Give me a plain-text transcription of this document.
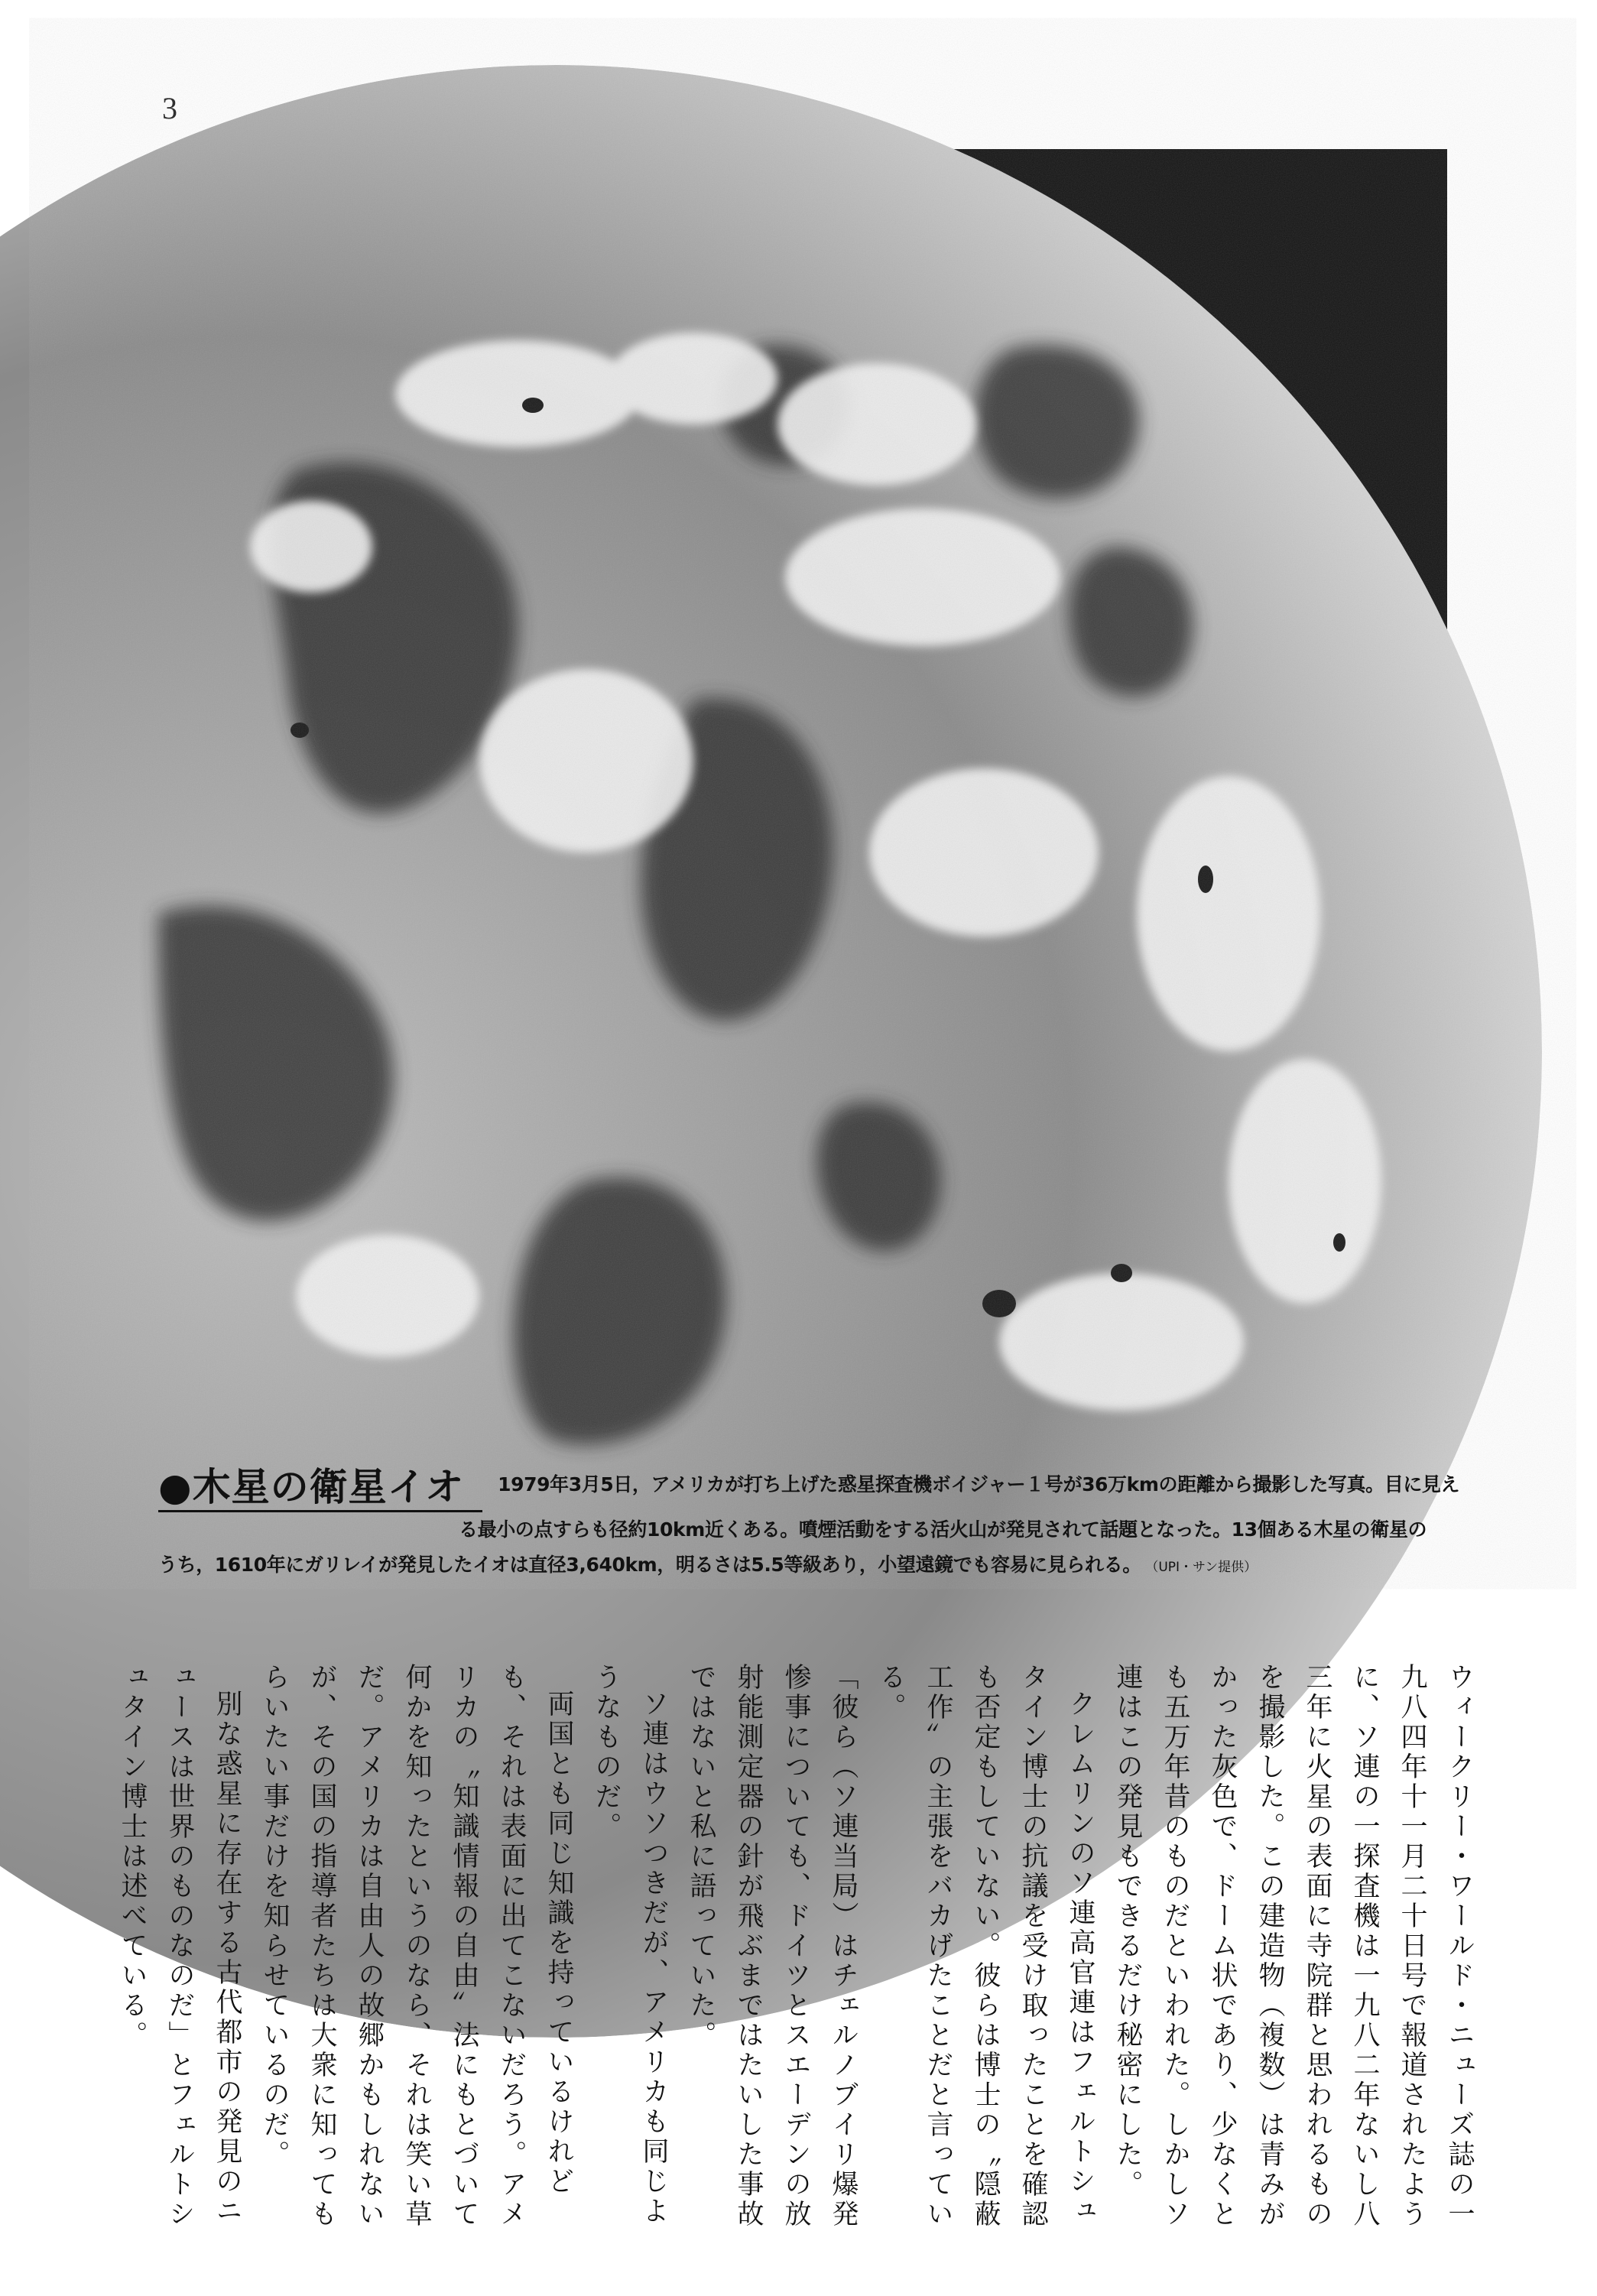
3
●木星の衛星イオ	1979年3月5日，アメリカが打ち上げた惑星探査機ボイジャー１号が36万kmの距離から撮影した写真。目に見え
る最小の点すらも径約10km近くある。噴煙活動をする活火山が発見されて話題となった。13個ある木星の衛星の
うち，1610年にガリレイが発見したイオは直径3,640km，明るさは5.5等級あり，小望遠鏡でも容易に見られる。 （UPI・サン提供）

ウィークリー・ワールド・ニューズ誌の一九八四年十一月二十日号で報道されたように、ソ連の一探査機は一九八二年ないし八三年に火星の表面に寺院群と思われるものを撮影した。この建造物（複数）は青みがかった灰色で、ドーム状であり、少なくとも五万年昔のものだといわれた。しかしソ連はこの発見もできるだけ秘密にした。

クレムリンのソ連高官連はフェルトシュタイン博士の抗議を受け取ったことを確認も否定もしていない。彼らは博士の〝隠蔽工作〟の主張をバカげたことだと言っている。

「彼ら（ソ連当局）はチェルノブイリ爆発惨事についても、ドイツとスエーデンの放射能測定器の針が飛ぶまではたいした事故ではないと私に語っていた。

ソ連はウソつきだが、アメリカも同じようなものだ。

両国とも同じ知識を持っているけれども、それは表面に出てこないだろう。アメリカの〝知識情報の自由〟法にもとづいて何かを知ったというのなら、それは笑い草だ。アメリカは自由人の故郷かもしれないが、その国の指導者たちは大衆に知ってもらいたい事だけを知らせているのだ。

別な惑星に存在する古代都市の発見のニュースは世界のものなのだ」とフェルトシュタイン博士は述べている。
